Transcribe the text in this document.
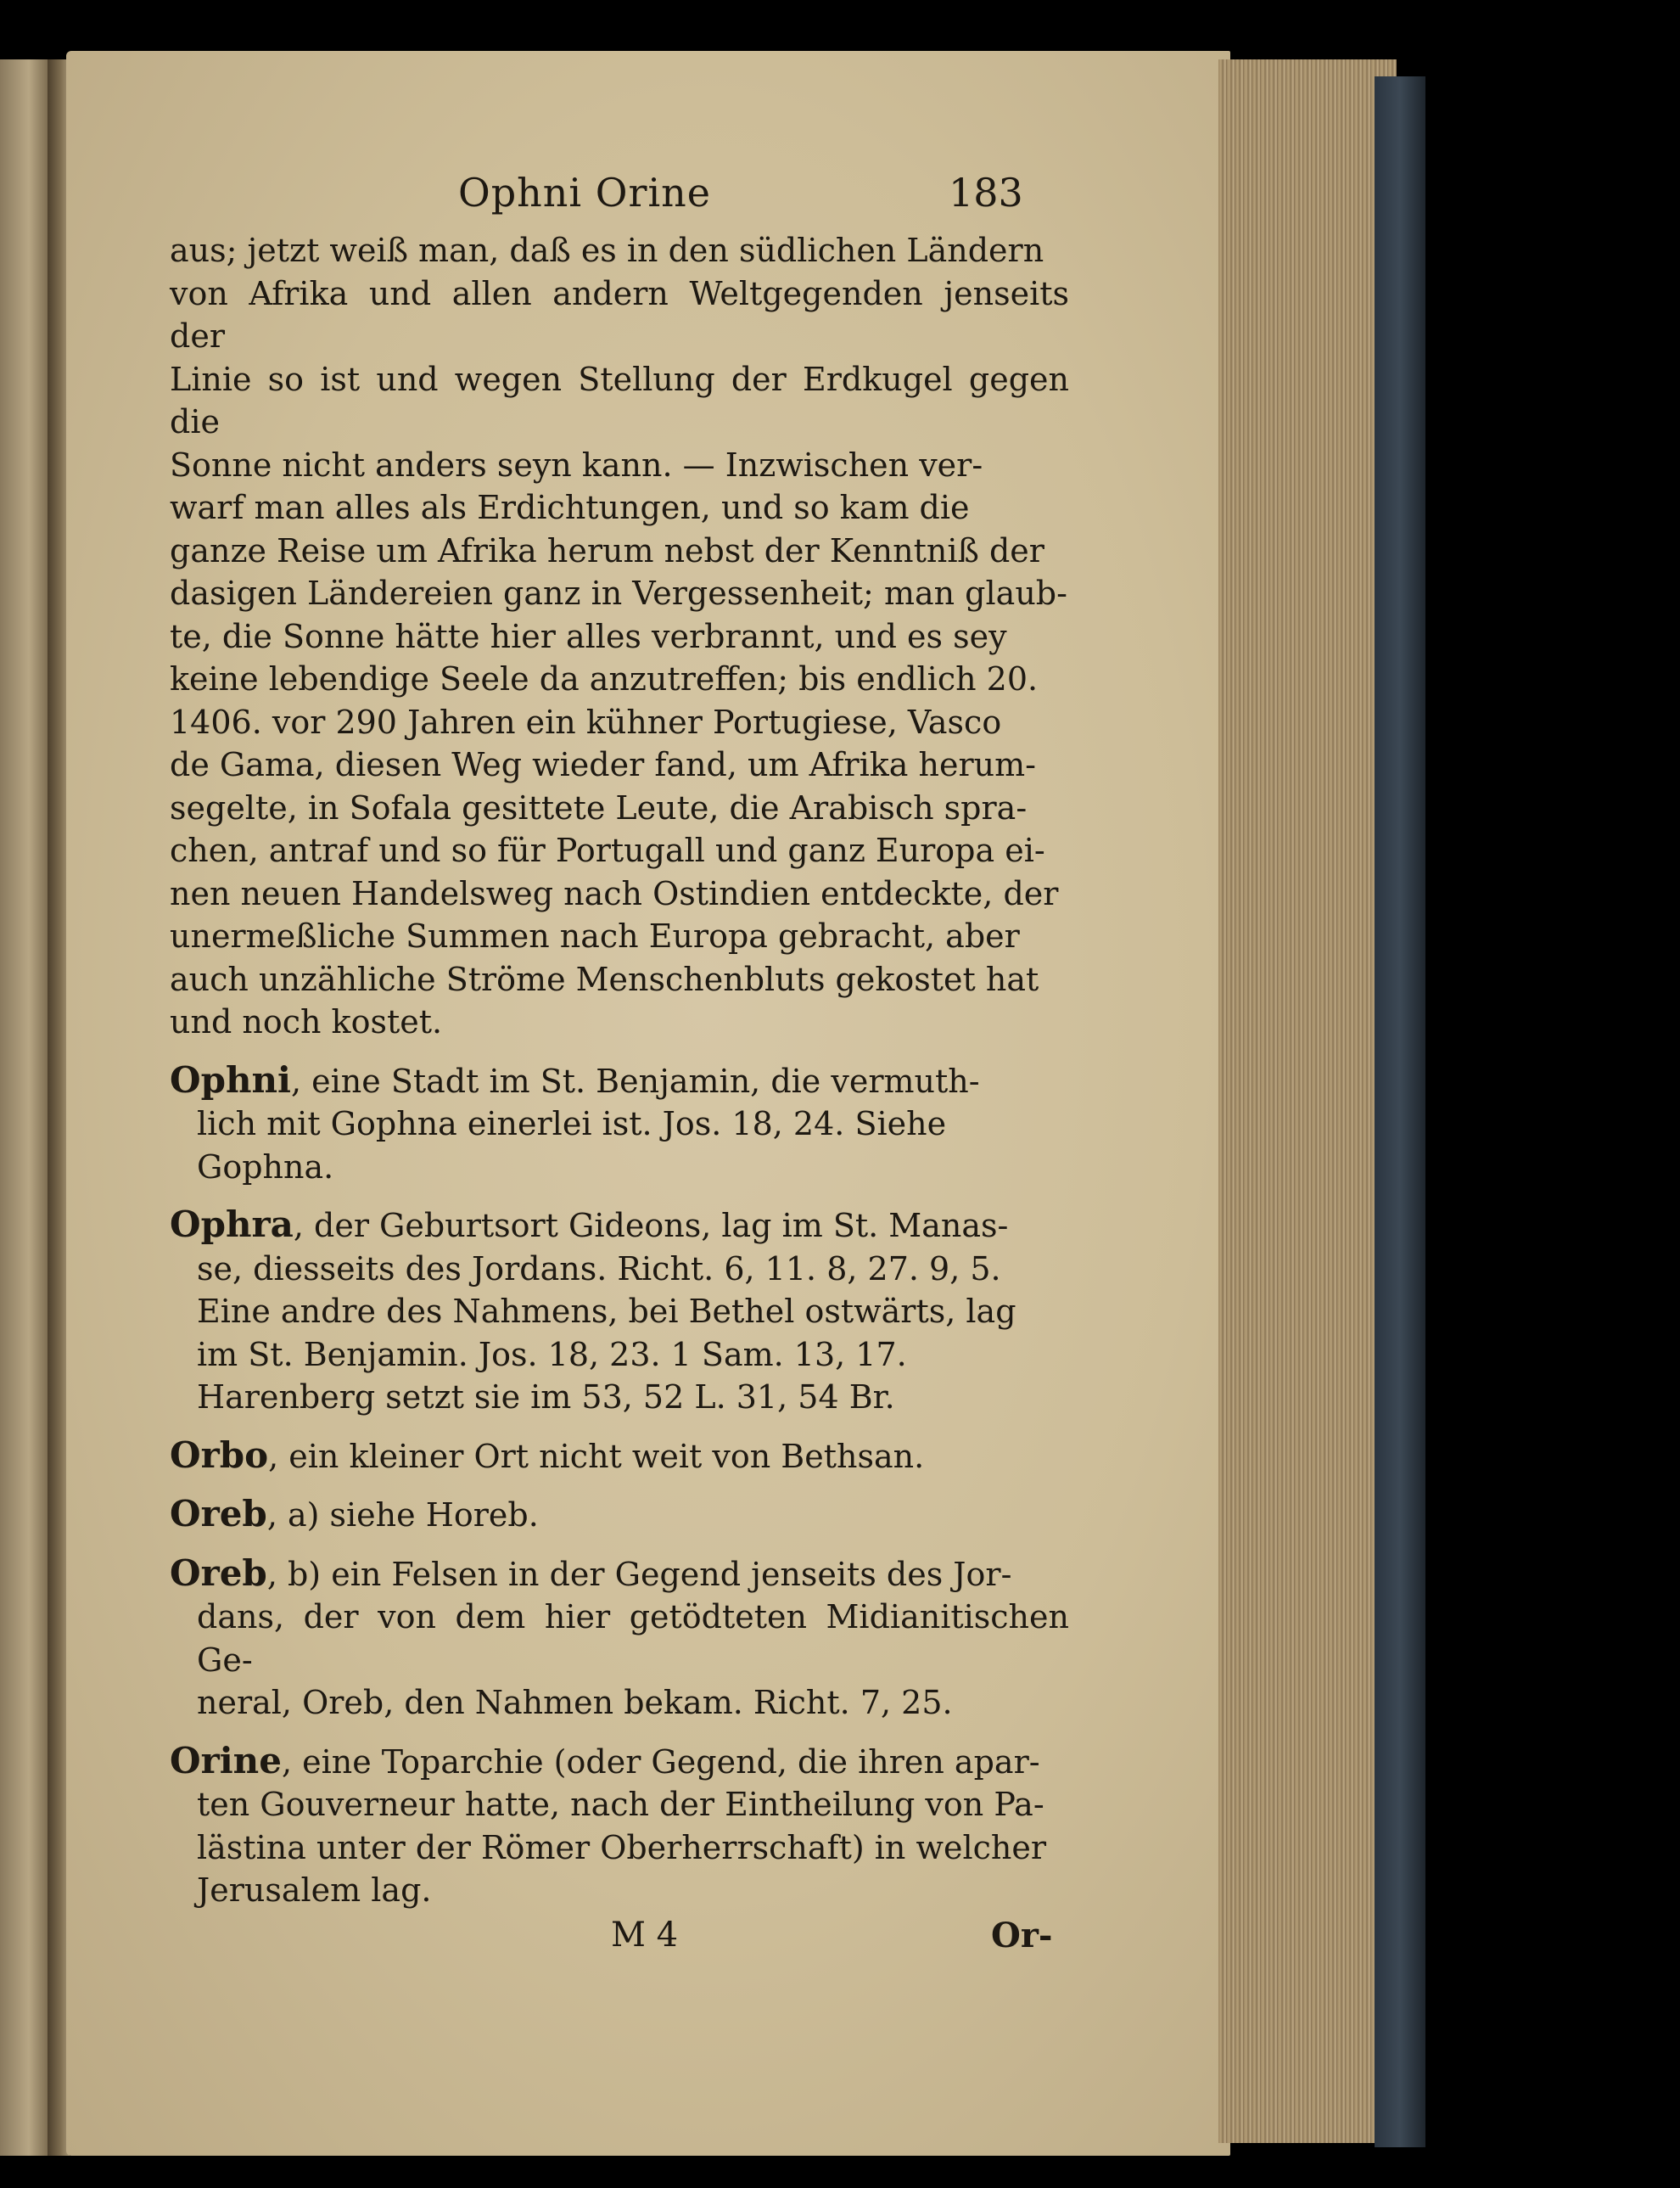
Ophni Orine	183

aus; jetzt weiß man, daß es in den südlichen Ländern
von Afrika und allen andern Weltgegenden jenseits der
Linie so ist und wegen Stellung der Erdkugel gegen die
Sonne nicht anders seyn kann. — Inzwischen ver-
warf man alles als Erdichtungen, und so kam die
ganze Reise um Afrika herum nebst der Kenntniß der
dasigen Ländereien ganz in Vergessenheit; man glaub-
te, die Sonne hätte hier alles verbrannt, und es sey
keine lebendige Seele da anzutreffen; bis endlich 20.
1406. vor 290 Jahren ein kühner Portugiese, Vasco
de Gama, diesen Weg wieder fand, um Afrika herum-
segelte, in Sofala gesittete Leute, die Arabisch spra-
chen, antraf und so für Portugall und ganz Europa ei-
nen neuen Handelsweg nach Ostindien entdeckte, der
unermeßliche Summen nach Europa gebracht, aber
auch unzähliche Ströme Menschenbluts gekostet hat
und noch kostet.

Ophni, eine Stadt im St. Benjamin, die vermuth-
lich mit Gophna einerlei ist. Jos. 18, 24. Siehe
Gophna.

Ophra, der Geburtsort Gideons, lag im St. Manas-
se, diesseits des Jordans. Richt. 6, 11. 8, 27. 9, 5.
Eine andre des Nahmens, bei Bethel ostwärts, lag
im St. Benjamin. Jos. 18, 23. 1 Sam. 13, 17.
Harenberg setzt sie im 53, 52 L. 31, 54 Br.

Orbo, ein kleiner Ort nicht weit von Bethsan.

Oreb, a) siehe Horeb.

Oreb, b) ein Felsen in der Gegend jenseits des Jor-
dans, der von dem hier getödteten Midianitischen Ge-
neral, Oreb, den Nahmen bekam. Richt. 7, 25.

Orine, eine Toparchie (oder Gegend, die ihren apar-
ten Gouverneur hatte, nach der Eintheilung von Pa-
lästina unter der Römer Oberherrschaft) in welcher
Jerusalem lag.

M 4	Or-
